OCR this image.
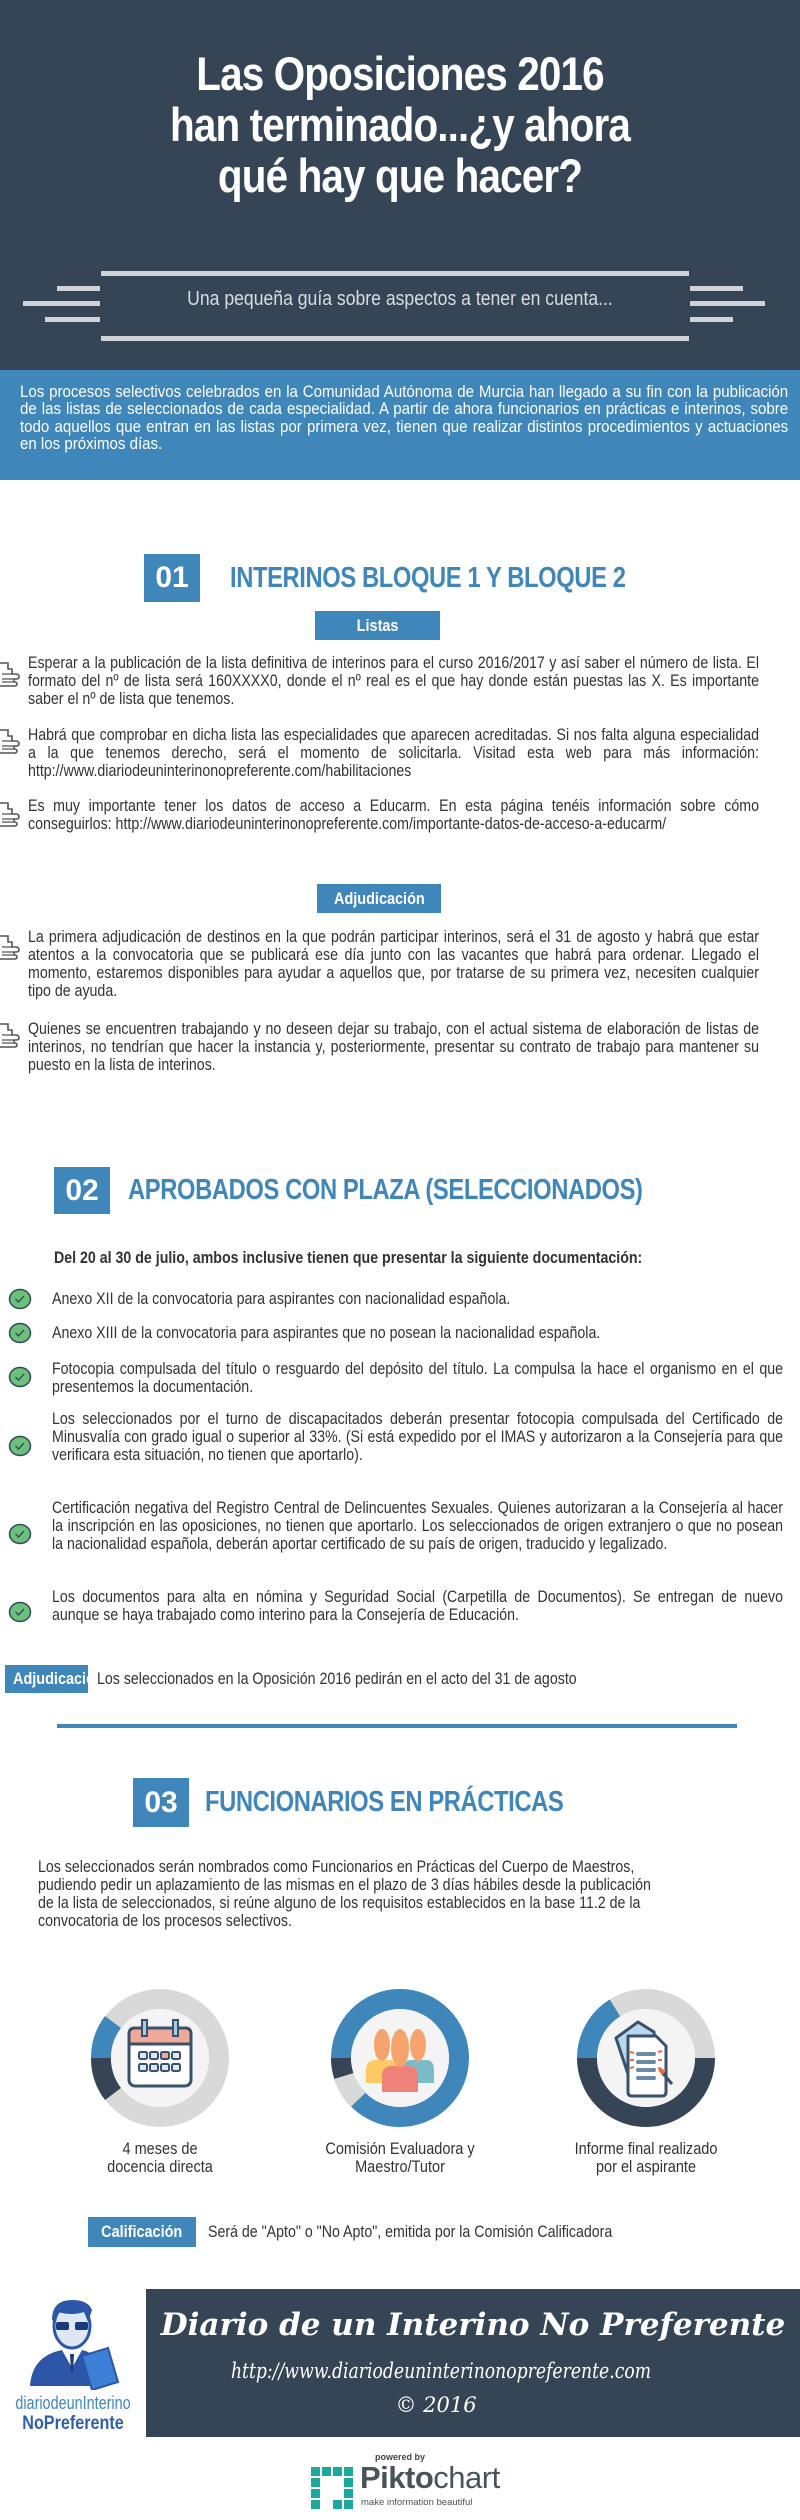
Las Oposiciones 2016
han terminado...¿y ahora
qué hay que hacer?
Una pequeña guía sobre aspectos a tener en cuenta...

Los procesos selectivos celebrados en la Comunidad Autónoma de Murcia han llegado a su fin con la publicación de las listas de seleccionados de cada especialidad. A partir de ahora funcionarios en prácticas e interinos, sobre todo aquellos que entran en las listas por primera vez, tienen que realizar distintos procedimientos y actuaciones en los próximos días.

01	INTERINOS BLOQUE 1 Y BLOQUE 2
Listas
Esperar a la publicación de la lista definitiva de interinos para el curso 2016/2017 y así saber el número de lista. El formato del nº de lista será 160XXXX0, donde el nº real es el que hay donde están puestas las X. Es importante saber el nº de lista que tenemos.
Habrá que comprobar en dicha lista las especialidades que aparecen acreditadas. Si nos falta alguna especialidad a la que tenemos derecho, será el momento de solicitarla. Visitad esta web para más información: http://www.diariodeuninterinonopreferente.com/habilitaciones
Es muy importante tener los datos de acceso a Educarm. En esta página tenéis información sobre cómo conseguirlos: http://www.diariodeuninterinonopreferente.com/importante-datos-de-acceso-a-educarm/
Adjudicación
La primera adjudicación de destinos en la que podrán participar interinos, será el 31 de agosto y habrá que estar atentos a la convocatoria que se publicará ese día junto con las vacantes que habrá para ordenar. Llegado el momento, estaremos disponibles para ayudar a aquellos que, por tratarse de su primera vez, necesiten cualquier tipo de ayuda.
Quienes se encuentren trabajando y no deseen dejar su trabajo, con el actual sistema de elaboración de listas de interinos, no tendrían que hacer la instancia y, posteriormente, presentar su contrato de trabajo para mantener su puesto en la lista de interinos.
02	APROBADOS CON PLAZA (SELECCIONADOS)
Del 20 al 30 de julio, ambos inclusive tienen que presentar la siguiente documentación:
Anexo XII de la convocatoria para aspirantes con nacionalidad española.
Anexo XIII de la convocatoria para aspirantes que no posean la nacionalidad española.
Fotocopia compulsada del título o resguardo del depósito del título. La compulsa la hace el organismo en el que presentemos la documentación.
Los seleccionados por el turno de discapacitados deberán presentar fotocopia compulsada del Certificado de Minusvalía con grado igual o superior al 33%. (Si está expedido por el IMAS y autorizaron a la Consejería para que verificara esta situación, no tienen que aportarlo).
Certificación negativa del Registro Central de Delincuentes Sexuales. Quienes autorizaran a la Consejería al hacer la inscripción en las oposiciones, no tienen que aportarlo. Los seleccionados de origen extranjero o que no posean la nacionalidad española, deberán aportar certificado de su país de origen, traducido y legalizado.
Los documentos para alta en nómina y Seguridad Social (Carpetilla de Documentos). Se entregan de nuevo aunque se haya trabajado como interino para la Consejería de Educación.
Adjudicación
Los seleccionados en la Oposición 2016 pedirán en el acto del 31 de agosto
03 FUNCIONARIOS EN PRÁCTICAS
Los seleccionados serán nombrados como Funcionarios en Prácticas del Cuerpo de Maestros, pudiendo pedir un aplazamiento de las mismas en el plazo de 3 días hábiles desde la publicación de la lista de seleccionados, si reúne alguno de los requisitos establecidos en la base 11.2 de la convocatoria de los procesos selectivos.
4 meses de
docencia directa
Comisión Evaluadora y
Maestro/Tutor
Informe final realizado
por el aspirante
Calificación	Será de "Apto" o "No Apto", emitida por la Comisión Calificadora
diariodeunInterino
NoPreferente
Diario de un Interino No Preferente
http://www.diariodeuninterinonopreferente.com
© 2016
powered by
Piktochart
make information beautiful
